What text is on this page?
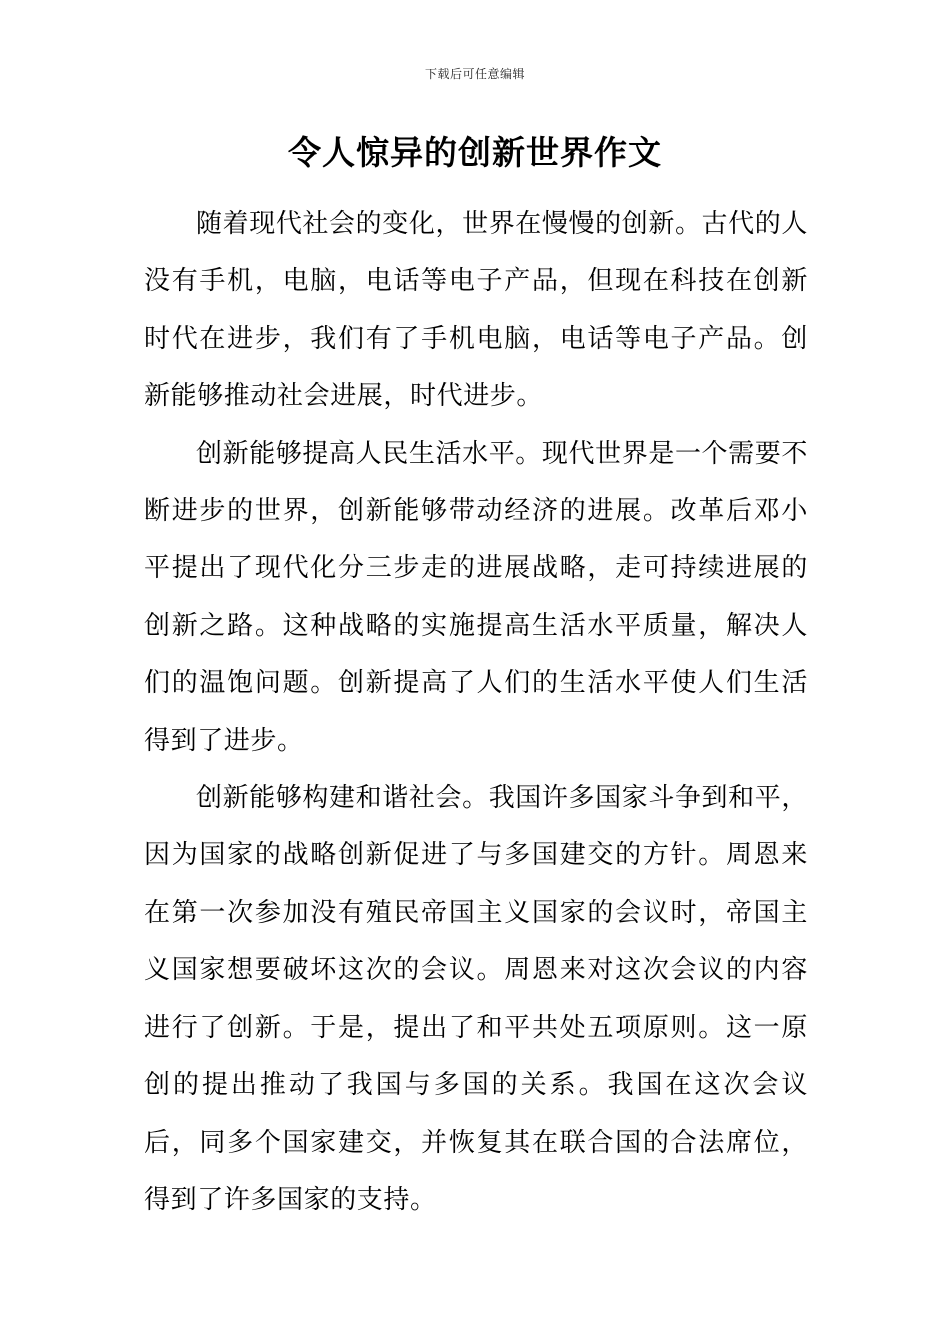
下载后可任意编辑
令人惊异的创新世界作文

随着现代社会的变化，世界在慢慢的创新。古代的人没有手机，电脑，电话等电子产品，但现在科技在创新时代在进步，我们有了手机电脑，电话等电子产品。创新能够推动社会进展，时代进步。

创新能够提高人民生活水平。现代世界是一个需要不断进步的世界，创新能够带动经济的进展。改革后邓小平提出了现代化分三步走的进展战略，走可持续进展的创新之路。这种战略的实施提高生活水平质量，解决人们的温饱问题。创新提高了人们的生活水平使人们生活得到了进步。

创新能够构建和谐社会。我国许多国家斗争到和平，因为国家的战略创新促进了与多国建交的方针。周恩来在第一次参加没有殖民帝国主义国家的会议时，帝国主义国家想要破坏这次的会议。周恩来对这次会议的内容进行了创新。于是，提出了和平共处五项原则。这一原创的提出推动了我国与多国的关系。我国在这次会议后，同多个国家建交，并恢复其在联合国的合法席位，得到了许多国家的支持。
